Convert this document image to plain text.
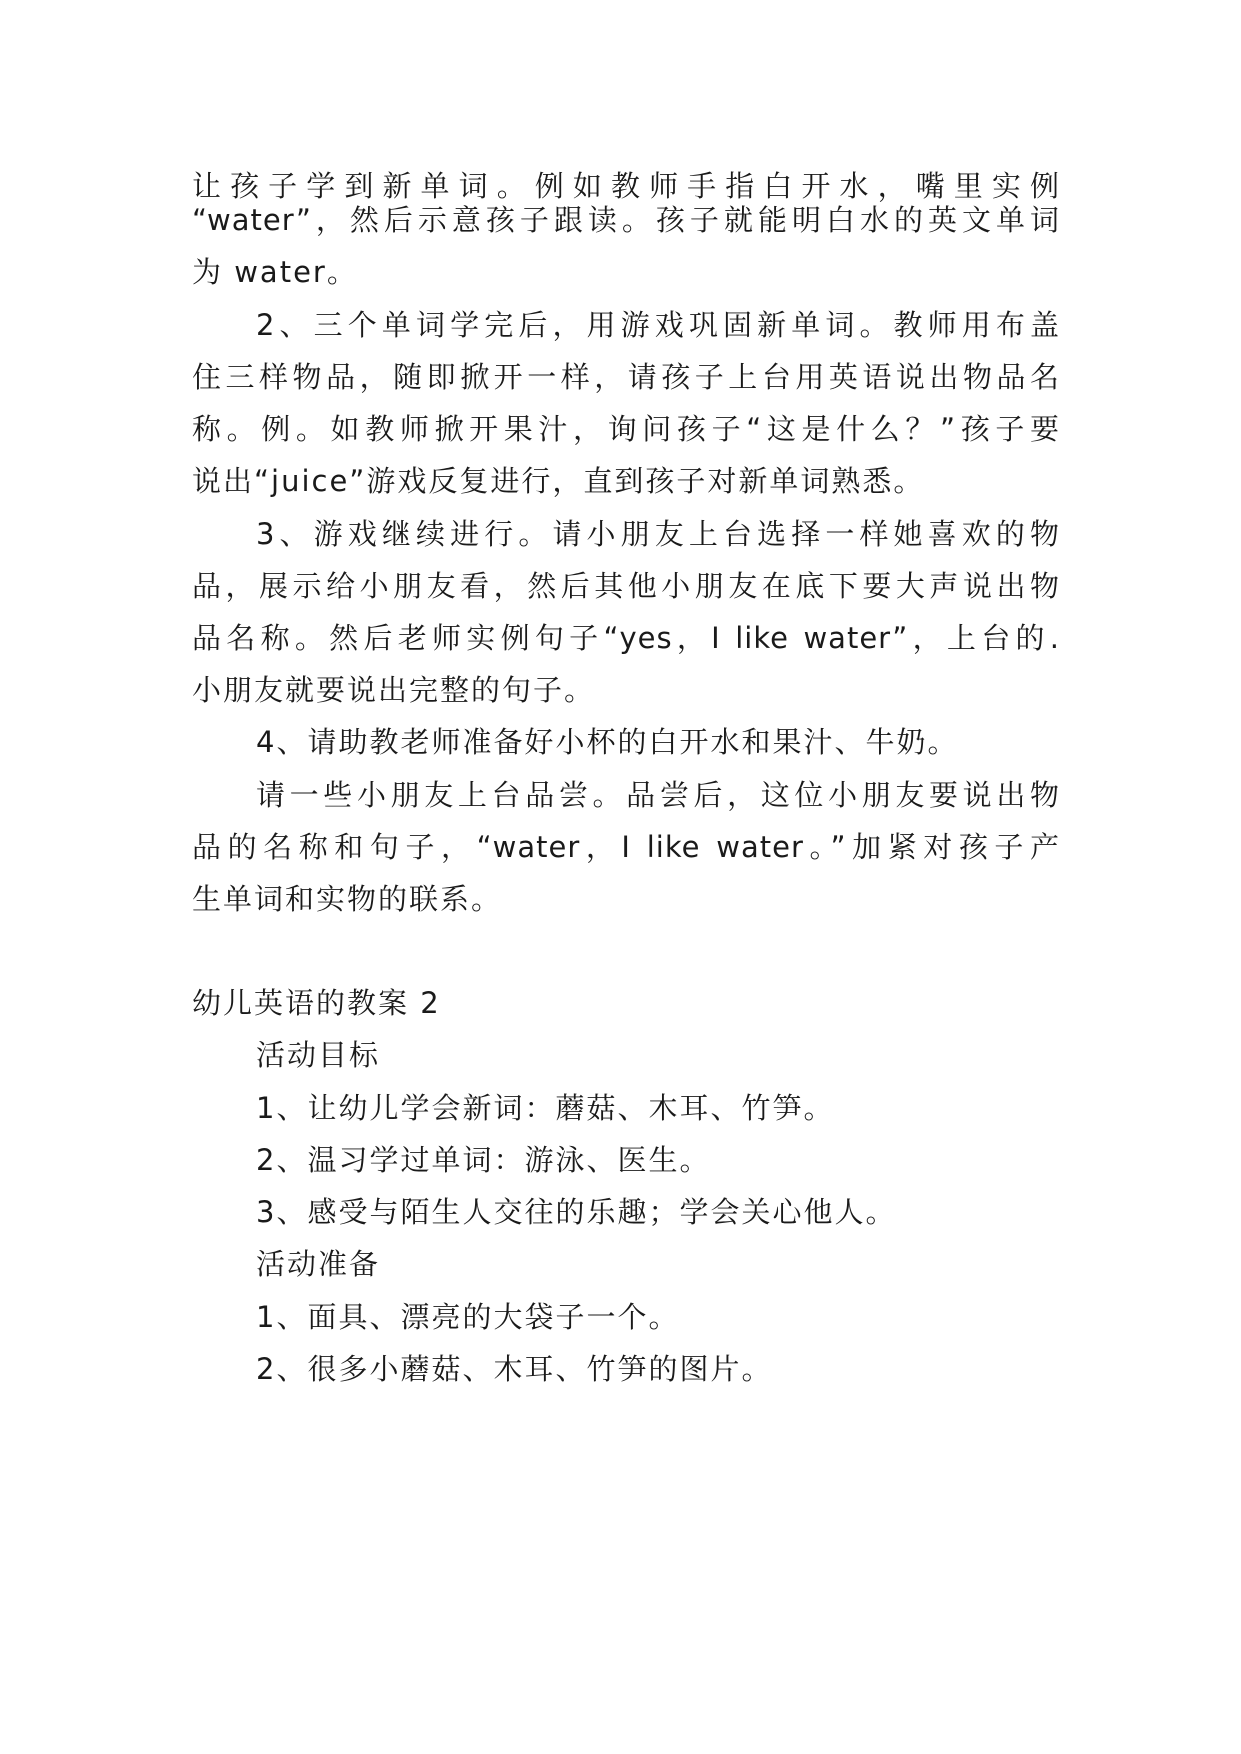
让孩子学到新单词。例如教师手指白开水，嘴里实例
“water”，然后示意孩子跟读。孩子就能明白水的英文单词
为 water。
2、三个单词学完后，用游戏巩固新单词。教师用布盖
住三样物品，随即掀开一样，请孩子上台用英语说出物品名
称。例。如教师掀开果汁，询问孩子“这是什么？”孩子要
说出“juice”游戏反复进行，直到孩子对新单词熟悉。
3、游戏继续进行。请小朋友上台选择一样她喜欢的物
品，展示给小朋友看，然后其他小朋友在底下要大声说出物
品名称。然后老师实例句子“yes，I like water”，上台的.
小朋友就要说出完整的句子。
4、请助教老师准备好小杯的白开水和果汁、牛奶。
请一些小朋友上台品尝。品尝后，这位小朋友要说出物
品的名称和句子，“water，I like water。”加紧对孩子产
生单词和实物的联系。
幼儿英语的教案 2
活动目标
1、让幼儿学会新词：蘑菇、木耳、竹笋。
2、温习学过单词：游泳、医生。
3、感受与陌生人交往的乐趣；学会关心他人。
活动准备
1、面具、漂亮的大袋子一个。
2、很多小蘑菇、木耳、竹笋的图片。
